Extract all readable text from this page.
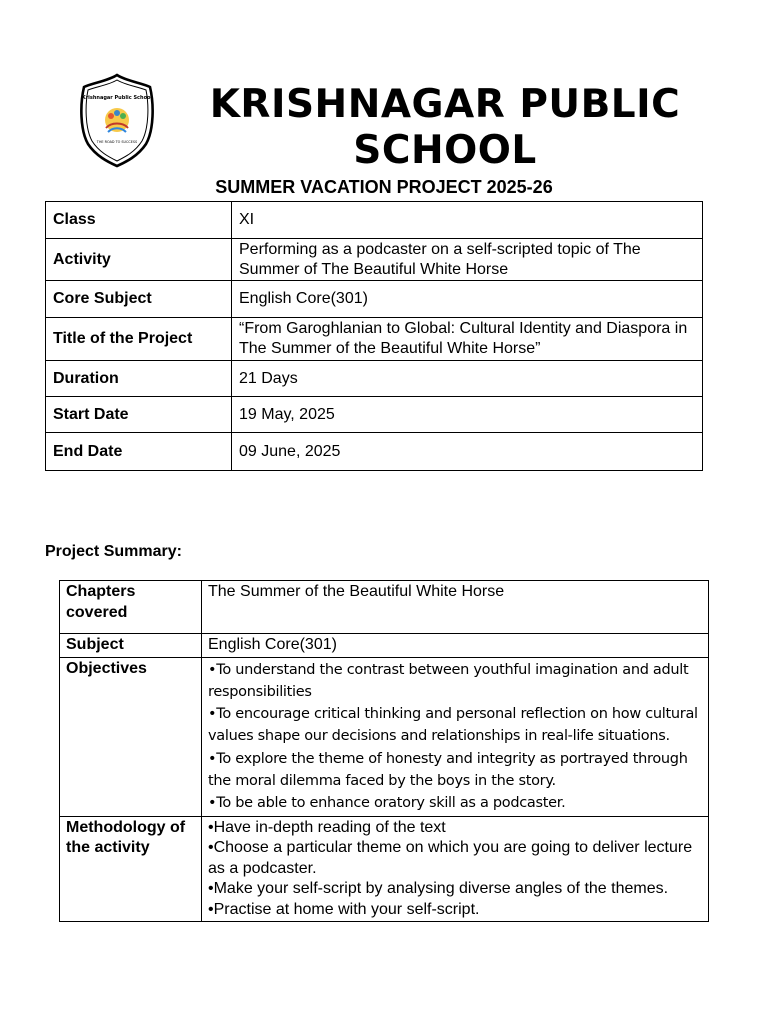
Krishnagar Public School
THE ROAD TO SUCCESS
KRISHNAGAR PUBLIC
SCHOOL
SUMMER VACATION PROJECT 2025-26
Class	XI
Activity	Performing as a podcaster on a self-scripted topic of The Summer of The Beautiful White Horse
Core Subject	English Core(301)
Title of the Project	“From Garoghlanian to Global: Cultural Identity and Diaspora in The Summer of the Beautiful White Horse”
Duration	21 Days
Start Date	19 May, 2025
End Date	09 June, 2025
Project Summary:
Chapters covered	The Summer of the Beautiful White Horse
Subject	English Core(301)
Objectives	•To understand the contrast between youthful imagination and adult responsibilities
•To encourage critical thinking and personal reflection on how cultural values shape our decisions and relationships in real-life situations.
•To explore the theme of honesty and integrity as portrayed through the moral dilemma faced by the boys in the story.
•To be able to enhance oratory skill as a podcaster.

Methodology of the activity	•Have in-depth reading of the text
•Choose a particular theme on which you are going to deliver lecture as a podcaster.
•Make your self-script by analysing diverse angles of the themes.
•Practise at home with your self-script.
